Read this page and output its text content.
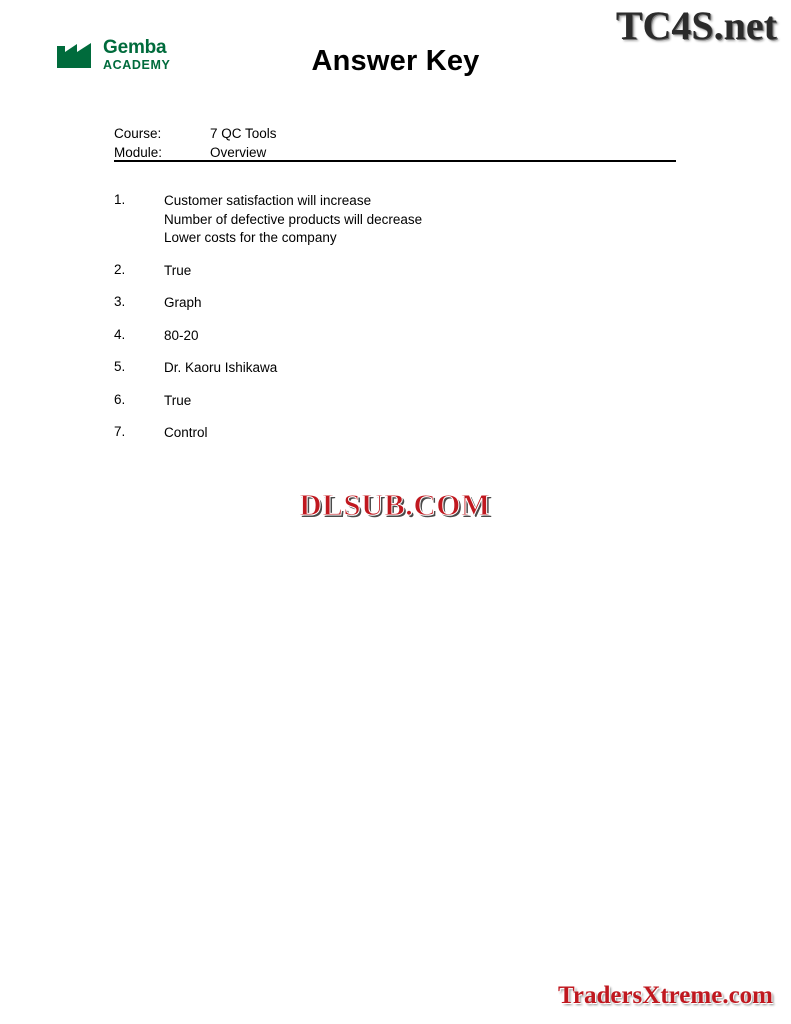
TC4S.net
Gemba
ACADEMY	Answer Key
Course:	7 QC Tools
Module:	Overview
1.	Customer satisfaction will increase
Number of defective products will decrease
Lower costs for the company
2.	True
3.	Graph
4.	80-20
5.	Dr. Kaoru Ishikawa
6.	True
7.	Control
DLSUB.COM
TradersXtreme.com
